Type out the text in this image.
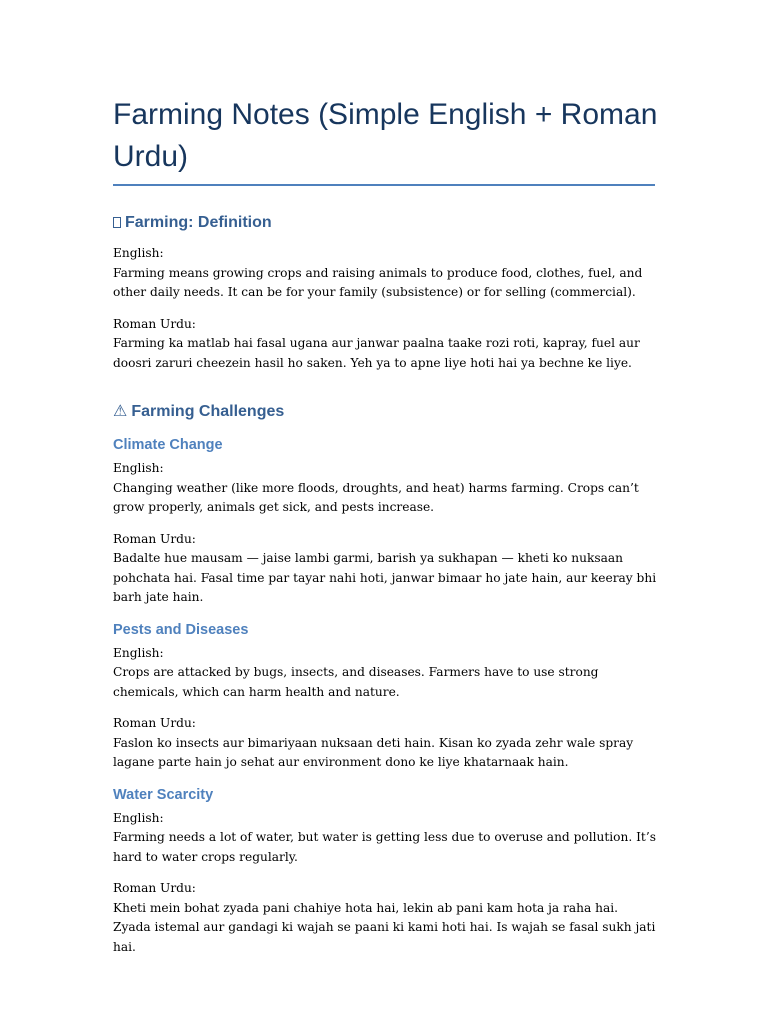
Farming Notes (Simple English + Roman Urdu)
Farming: Definition

English:
Farming means growing crops and raising animals to produce food, clothes, fuel, and other daily needs. It can be for your family (subsistence) or for selling (commercial).

Roman Urdu:
Farming ka matlab hai fasal ugana aur janwar paalna taake rozi roti, kapray, fuel aur doosri zaruri cheezein hasil ho saken. Yeh ya to apne liye hoti hai ya bechne ke liye.

⚠ Farming Challenges
Climate Change

English:
Changing weather (like more floods, droughts, and heat) harms farming. Crops can’t grow properly, animals get sick, and pests increase.

Roman Urdu:
Badalte hue mausam — jaise lambi garmi, barish ya sukhapan — kheti ko nuksaan pohchata hai. Fasal time par tayar nahi hoti, janwar bimaar ho jate hain, aur keeray bhi barh jate hain.

Pests and Diseases

English:
Crops are attacked by bugs, insects, and diseases. Farmers have to use strong chemicals, which can harm health and nature.

Roman Urdu:
Faslon ko insects aur bimariyaan nuksaan deti hain. Kisan ko zyada zehr wale spray lagane parte hain jo sehat aur environment dono ke liye khatarnaak hain.

Water Scarcity

English:
Farming needs a lot of water, but water is getting less due to overuse and pollution. It’s hard to water crops regularly.

Roman Urdu:
Kheti mein bohat zyada pani chahiye hota hai, lekin ab pani kam hota ja raha hai. Zyada istemal aur gandagi ki wajah se paani ki kami hoti hai. Is wajah se fasal sukh jati hai.
